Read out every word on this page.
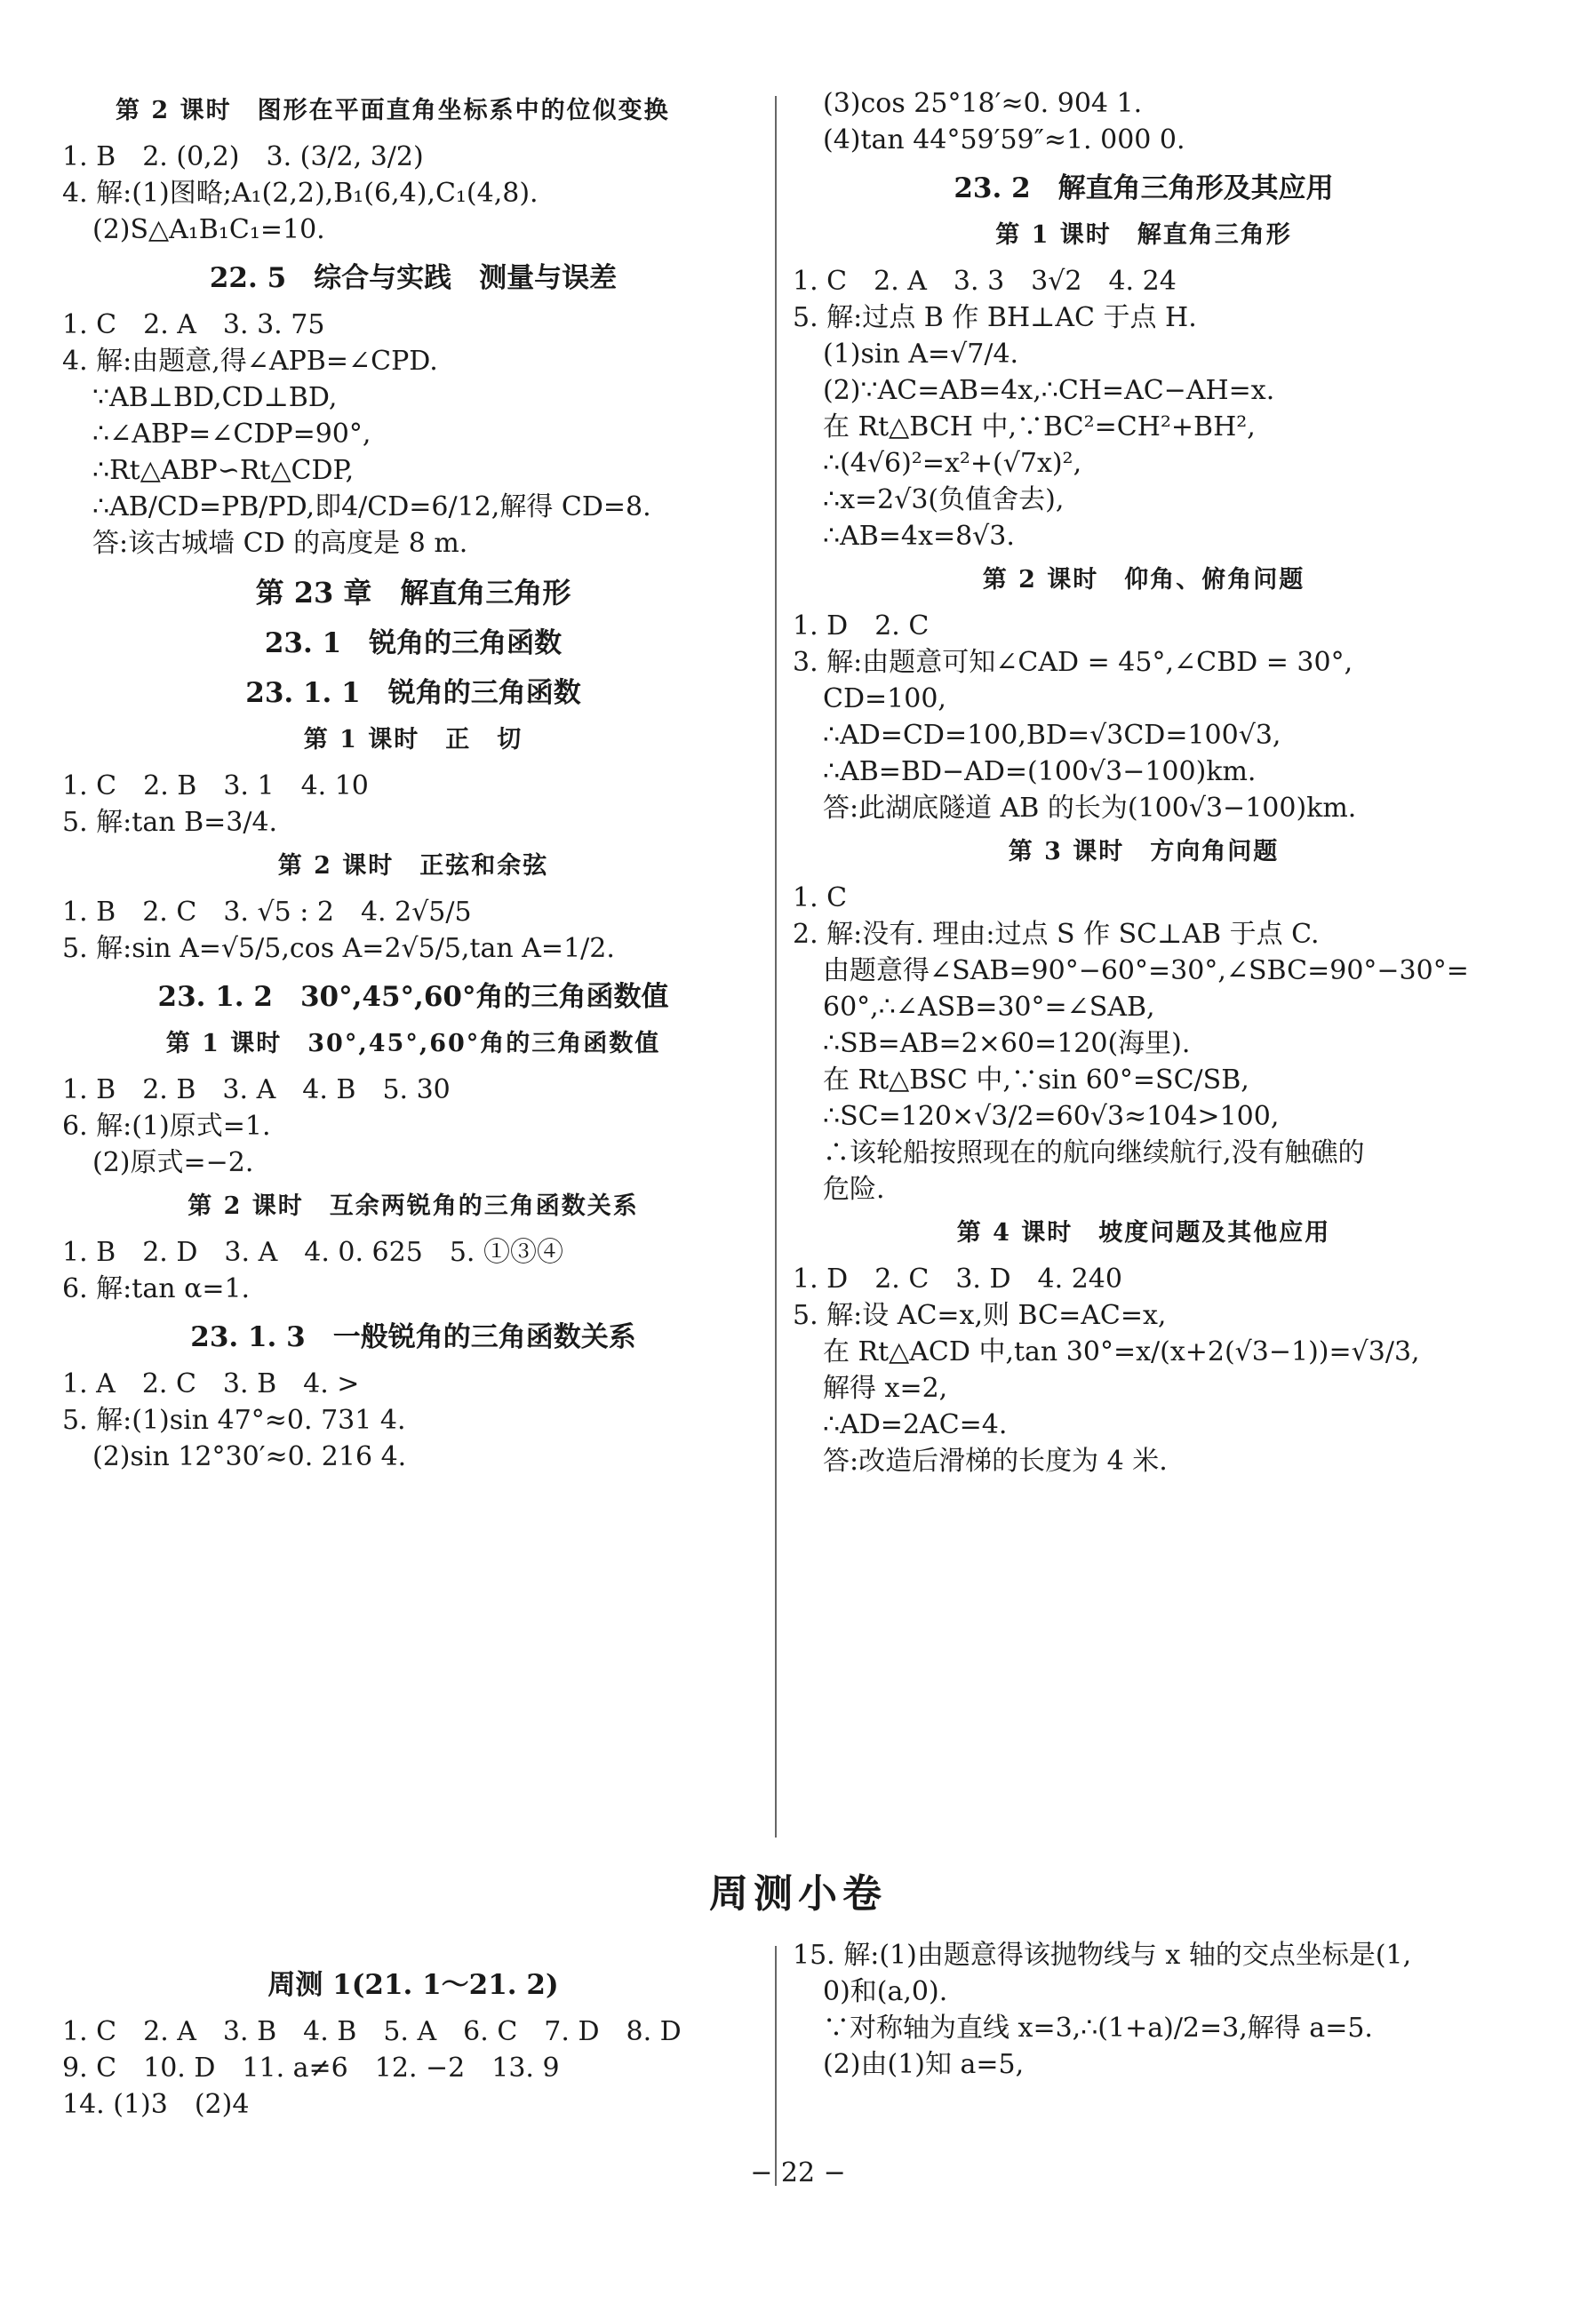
第 2 课时　图形在平面直角坐标系中的位似变换
1. B　2. (0,2)　3. (3/2, 3/2)
4. 解:(1)图略;A₁(2,2),B₁(6,4),C₁(4,8).
(2)S△A₁B₁C₁=10.
22. 5　综合与实践　测量与误差
1. C　2. A　3. 3. 75
4. 解:由题意,得∠APB=∠CPD.
∵AB⊥BD,CD⊥BD,
∴∠ABP=∠CDP=90°,
∴Rt△ABP∽Rt△CDP,
∴AB/CD=PB/PD,即4/CD=6/12,解得 CD=8.
答:该古城墙 CD 的高度是 8 m.
第 23 章　解直角三角形
23. 1　锐角的三角函数
23. 1. 1　锐角的三角函数
第 1 课时　正　切
1. C　2. B　3. 1　4. 10
5. 解:tan B=3/4.
第 2 课时　正弦和余弦
1. B　2. C　3. √5 : 2　4. 2√5/5
5. 解:sin A=√5/5,cos A=2√5/5,tan A=1/2.
23. 1. 2　30°,45°,60°角的三角函数值
第 1 课时　30°,45°,60°角的三角函数值
1. B　2. B　3. A　4. B　5. 30
6. 解:(1)原式=1.
(2)原式=−2.
第 2 课时　互余两锐角的三角函数关系
1. B　2. D　3. A　4. 0. 625　5. ①③④
6. 解:tan α=1.
23. 1. 3　一般锐角的三角函数关系
1. A　2. C　3. B　4. >
5. 解:(1)sin 47°≈0. 731 4.
(2)sin 12°30′≈0. 216 4.
(3)cos 25°18′≈0. 904 1.
(4)tan 44°59′59″≈1. 000 0.
23. 2　解直角三角形及其应用
第 1 课时　解直角三角形
1. C　2. A　3. 3　3√2　4. 24
5. 解:过点 B 作 BH⊥AC 于点 H.
(1)sin A=√7/4.
(2)∵AC=AB=4x,∴CH=AC−AH=x.
在 Rt△BCH 中,∵BC²=CH²+BH²,
∴(4√6)²=x²+(√7x)²,
∴x=2√3(负值舍去),
∴AB=4x=8√3.
第 2 课时　仰角、俯角问题
1. D　2. C
3. 解:由题意可知∠CAD = 45°,∠CBD = 30°,
CD=100,
∴AD=CD=100,BD=√3CD=100√3,
∴AB=BD−AD=(100√3−100)km.
答:此湖底隧道 AB 的长为(100√3−100)km.
第 3 课时　方向角问题
1. C
2. 解:没有. 理由:过点 S 作 SC⊥AB 于点 C.
由题意得∠SAB=90°−60°=30°,∠SBC=90°−30°=
60°,∴∠ASB=30°=∠SAB,
∴SB=AB=2×60=120(海里).
在 Rt△BSC 中,∵sin 60°=SC/SB,
∴SC=120×√3/2=60√3≈104>100,
∴该轮船按照现在的航向继续航行,没有触礁的
危险.
第 4 课时　坡度问题及其他应用
1. D　2. C　3. D　4. 240
5. 解:设 AC=x,则 BC=AC=x,
在 Rt△ACD 中,tan 30°=x/(x+2(√3−1))=√3/3,
解得 x=2,
∴AD=2AC=4.
答:改造后滑梯的长度为 4 米.
周测小卷
周测 1(21. 1～21. 2)
1. C　2. A　3. B　4. B　5. A　6. C　7. D　8. D
9. C　10. D　11. a≠6　12. −2　13. 9
14. (1)3　(2)4
15. 解:(1)由题意得该抛物线与 x 轴的交点坐标是(1,
0)和(a,0).
∵对称轴为直线 x=3,∴(1+a)/2=3,解得 a=5.
(2)由(1)知 a=5,
− 22 −
